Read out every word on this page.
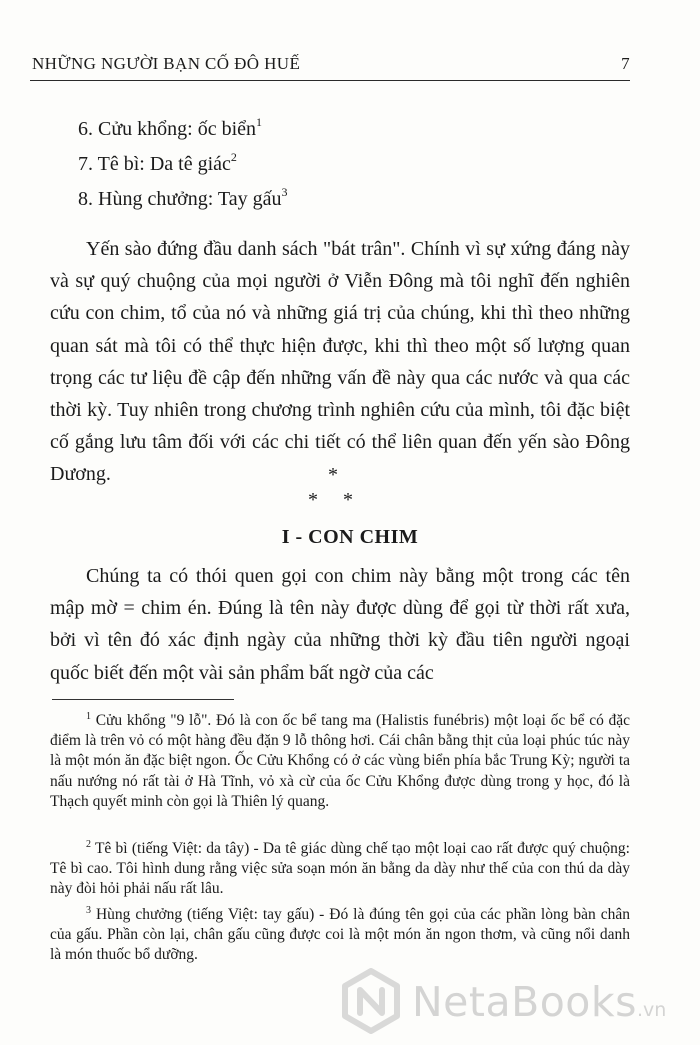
NHỮNG NGƯỜI BẠN CỐ ĐÔ HUẾ	7

6. Cửu khổng: ốc biển$^1$

7. Tê bì: Da tê giác$^2$

8. Hùng chưởng: Tay gấu$^3$

Yến sào đứng đầu danh sách "bát trân". Chính vì sự xứng đáng này và sự quý chuộng của mọi người ở Viễn Đông mà tôi nghĩ đến nghiên cứu con chim, tổ của nó và những giá trị của chúng, khi thì theo những quan sát mà tôi có thể thực hiện được, khi thì theo một số lượng quan trọng các tư liệu đề cập đến những vấn đề này qua các nước và qua các thời kỳ. Tuy nhiên trong chương trình nghiên cứu của mình, tôi đặc biệt cố gắng lưu tâm đối với các chi tiết có thể liên quan đến yến sào Đông Dương.	*
* *
I - CON CHIM

Chúng ta có thói quen gọi con chim này bằng một trong các tên mập mờ = chim én. Đúng là tên này được dùng để gọi từ thời rất xưa, bởi vì tên đó xác định ngày của những thời kỳ đầu tiên người ngoại quốc biết đến một vài sản phẩm bất ngờ của các

$^1$ Cửu khổng "9 lỗ". Đó là con ốc bể tang ma (Halistis funébris) một loại ốc bể có đặc điểm là trên vỏ có một hàng đều đặn 9 lỗ thông hơi. Cái chân bằng thịt của loại phúc túc này là một món ăn đặc biệt ngon. Ốc Cửu Khổng có ở các vùng biển phía bắc Trung Kỳ; người ta nấu nướng nó rất tài ở Hà Tĩnh, vỏ xà cừ của ốc Cửu Khổng được dùng trong y học, đó là Thạch quyết minh còn gọi là Thiên lý quang.

$^2$ Tê bì (tiếng Việt: da tây) - Da tê giác dùng chế tạo một loại cao rất được quý chuộng: Tê bì cao. Tôi hình dung rằng việc sửa soạn món ăn bằng da dày như thế của con thú da dày này đòi hỏi phải nấu rất lâu.

$^3$ Hùng chưởng (tiếng Việt: tay gấu) - Đó là đúng tên gọi của các phần lòng bàn chân của gấu. Phần còn lại, chân gấu cũng được coi là một món ăn ngon thơm, và cũng nổi danh là món thuốc bổ dưỡng.

NetaBooks.vn
